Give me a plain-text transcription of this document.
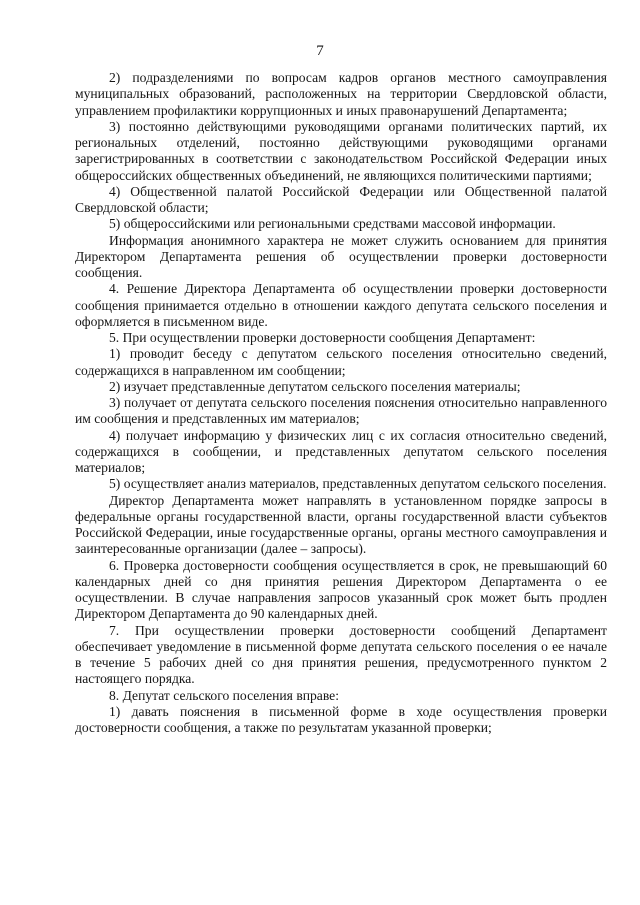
7

2) подразделениями по вопросам кадров органов местного самоуправления муниципальных образований, расположенных на территории Свердловской области, управлением профилактики коррупционных и иных правонарушений Департамента;

3) постоянно действующими руководящими органами политических партий, их региональных отделений, постоянно действующими руководящими органами зарегистрированных в соответствии с законодательством Российской Федерации иных общероссийских общественных объединений, не являющихся политическими партиями;

4) Общественной палатой Российской Федерации или Общественной палатой Свердловской области;

5) общероссийскими или региональными средствами массовой информации.

Информация анонимного характера не может служить основанием для принятия Директором Департамента решения об осуществлении проверки достоверности сообщения.

4. Решение Директора Департамента об осуществлении проверки достоверности сообщения принимается отдельно в отношении каждого депутата сельского поселения и оформляется в письменном виде.

5. При осуществлении проверки достоверности сообщения Департамент:

1) проводит беседу с депутатом сельского поселения относительно сведений, содержащихся в направленном им сообщении;

2) изучает представленные депутатом сельского поселения материалы;

3) получает от депутата сельского поселения пояснения относительно направленного им сообщения и представленных им материалов;

4) получает информацию у физических лиц с их согласия относительно сведений, содержащихся в сообщении, и представленных депутатом сельского поселения материалов;

5) осуществляет анализ материалов, представленных депутатом сельского поселения.

Директор Департамента может направлять в установленном порядке запросы в федеральные органы государственной власти, органы государственной власти субъектов Российской Федерации, иные государственные органы, органы местного самоуправления и заинтересованные организации (далее – запросы).

6. Проверка достоверности сообщения осуществляется в срок, не превышающий 60 календарных дней со дня принятия решения Директором Департамента о ее осуществлении. В случае направления запросов указанный срок может быть продлен Директором Департамента до 90 календарных дней.

7. При осуществлении проверки достоверности сообщений Департамент обеспечивает уведомление в письменной форме депутата сельского поселения о ее начале в течение 5 рабочих дней со дня принятия решения, предусмотренного пунктом 2 настоящего порядка.

8. Депутат сельского поселения вправе:

1) давать пояснения в письменной форме в ходе осуществления проверки достоверности сообщения, а также по результатам указанной проверки;
